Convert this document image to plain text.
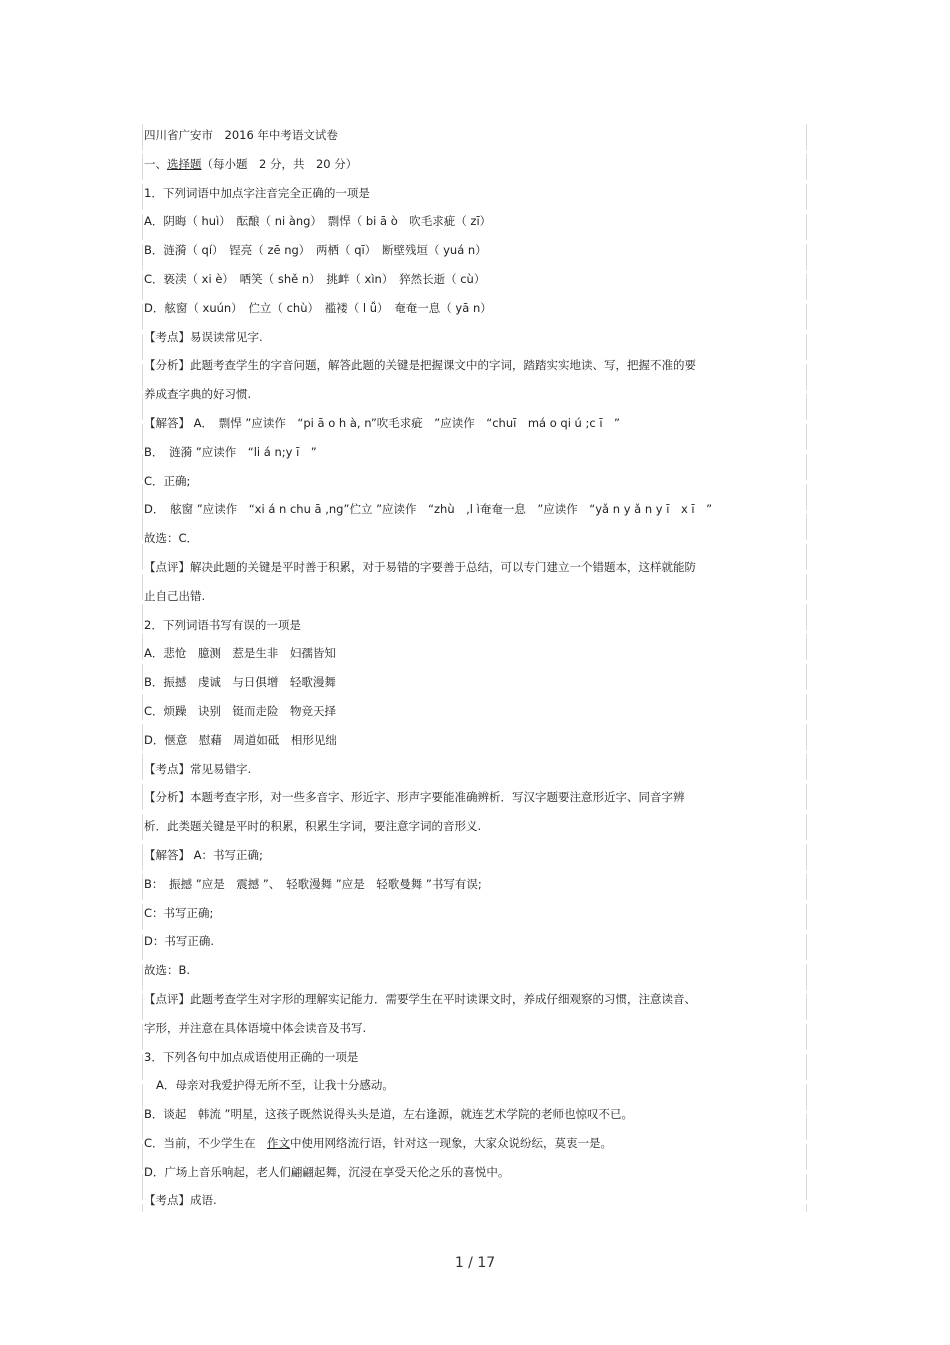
四川省广安市　2016 年中考语文试卷
一、选择题（每小题　2 分，共　20 分）
1．下列词语中加点字注音完全正确的一项是
A．阴晦（ huì）　酝酿（ ni àng）　剽悍（ bi ā ò　吹毛求疵（ zī）
B．涟漪（ qí）　锃亮（ zē ng）　两栖（ qī）　断壁残垣（ yuá n）
C．亵渎（ xi è）　哂笑（ shě n）　挑衅（ xìn）　猝然长逝（ cù）
D．舷窗（ xuún）　伫立（ chù）　褴褛（ l ǚ）　奄奄一息（ yā n）
【考点】易误读常见字.
【分析】此题考查学生的字音问题，解答此题的关键是把握课文中的字词，踏踏实实地读、写，把握不准的要
养成查字典的好习惯.
【解答】 A．　剽悍 ”应读作　“pi ā o h à, n”吹毛求疵　”应读作　“chuī　má o qi ú ;c ī　”
B．　涟漪 ”应读作　“li á n;y ī　”
C．正确;
D．　舷窗 ”应读作　“xi á n chu ā ,ng”伫立 ”应读作　“zhù　,l ì奄奄一息　”应读作　“yǎ n y ǎ n y ī　x ī　”
故选：C．
【点评】解决此题的关键是平时善于积累，对于易错的字要善于总结，可以专门建立一个错题本，这样就能防
止自己出错.
2．下列词语书写有误的一项是
A．悲怆　臆测　惹是生非　妇孺皆知
B．振撼　虔诚　与日俱增　轻歌漫舞
C．烦躁　诀别　铤而走险　物竞天择
D．惬意　慰藉　周道如砥　相形见绌
【考点】常见易错字.
【分析】本题考查字形，对一些多音字、形近字、形声字要能准确辨析．写汉字题要注意形近字、同音字辨
析．此类题关键是平时的积累，积累生字词，要注意字词的音形义.
【解答】 A：书写正确;
B：　振撼 ”应是　震撼 ”、　轻歌漫舞 ”应是　轻歌曼舞 ”书写有误;
C：书写正确;
D：书写正确.
故选：B.
【点评】此题考查学生对字形的理解实记能力．需要学生在平时读课文时，养成仔细观察的习惯，注意读音、
字形，并注意在具体语境中体会读音及书写.
3．下列各句中加点成语使用正确的一项是
A．母亲对我爱护得无所不至，让我十分感动。
B．谈起　韩流 ”明星，这孩子既然说得头头是道，左右逢源，就连艺术学院的老师也惊叹不已。
C．当前，不少学生在　作文中使用网络流行语，针对这一现象，大家众说纷纭，莫衷一是。
D．广场上音乐响起，老人们翩翩起舞，沉浸在享受天伦之乐的喜悦中。
【考点】成语.
1 / 17
